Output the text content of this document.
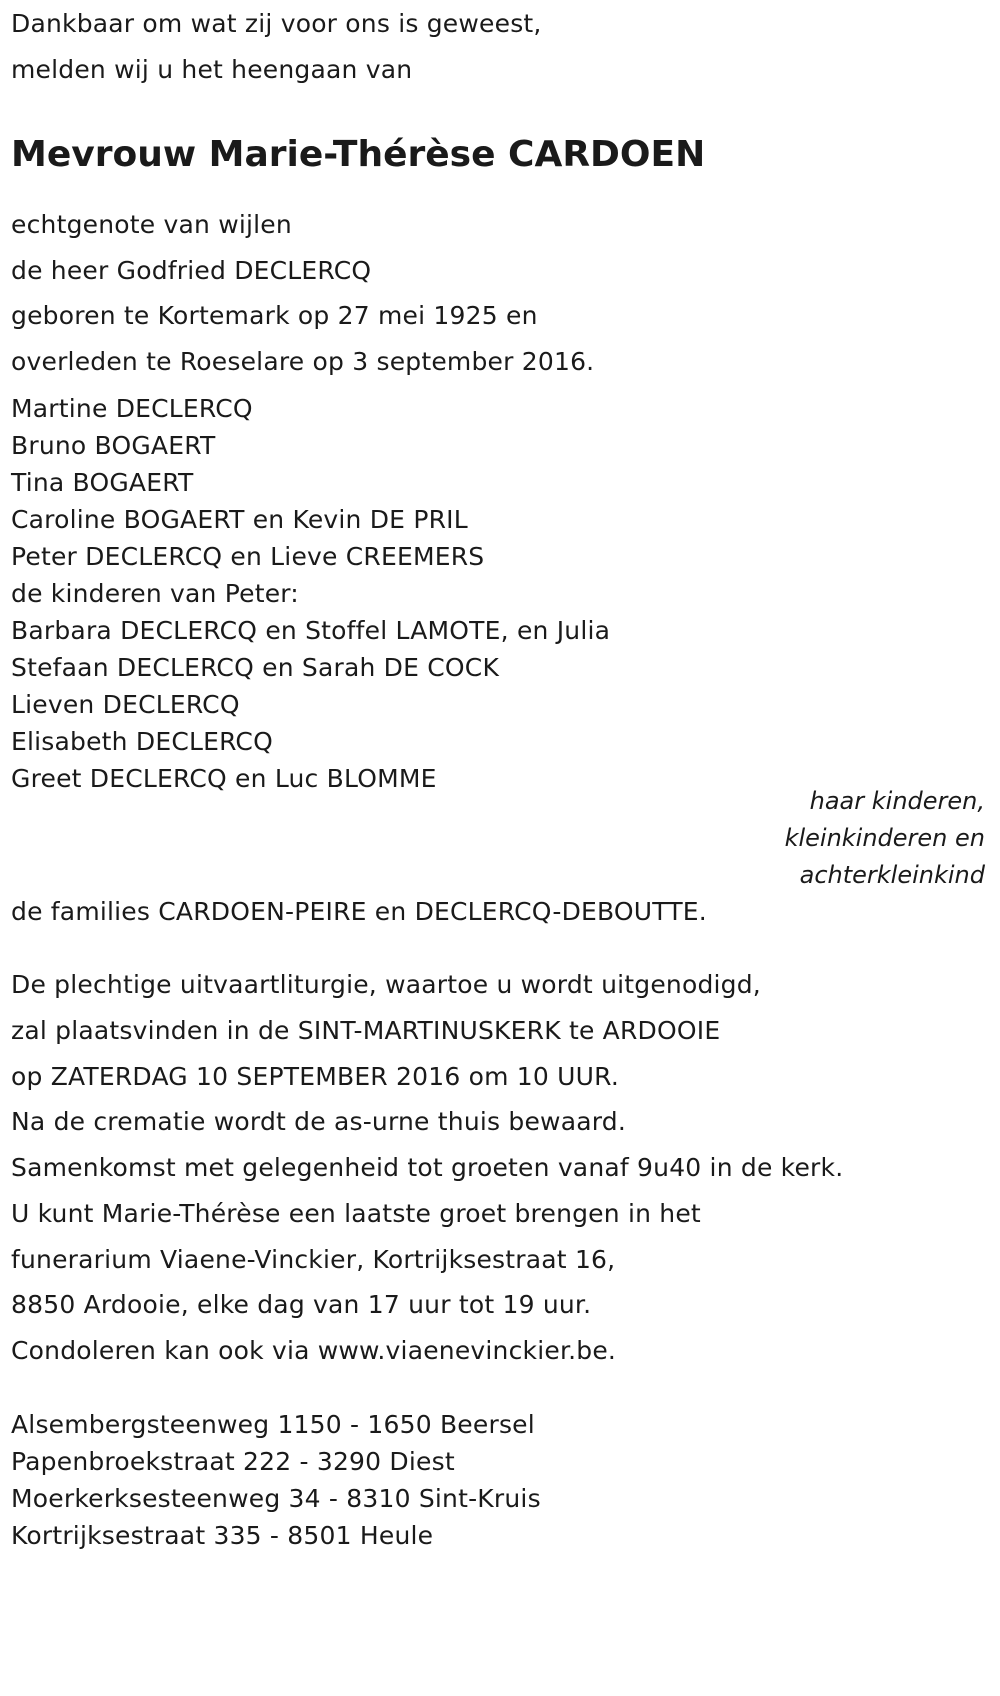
Dankbaar om wat zij voor ons is geweest,
melden wij u het heengaan van
Mevrouw Marie-Thérèse CARDOEN
echtgenote van wijlen
de heer Godfried DECLERCQ
geboren te Kortemark op 27 mei 1925 en
overleden te Roeselare op 3 september 2016.
Martine DECLERCQ
Bruno BOGAERT
Tina BOGAERT
Caroline BOGAERT en Kevin DE PRIL
Peter DECLERCQ en Lieve CREEMERS
de kinderen van Peter:
Barbara DECLERCQ en Stoffel LAMOTE, en Julia
Stefaan DECLERCQ en Sarah DE COCK
Lieven DECLERCQ
Elisabeth DECLERCQ
Greet DECLERCQ en Luc BLOMME
haar kinderen,
kleinkinderen en
achterkleinkind
de families CARDOEN-PEIRE en DECLERCQ-DEBOUTTE.
De plechtige uitvaartliturgie, waartoe u wordt uitgenodigd,
zal plaatsvinden in de SINT-MARTINUSKERK te ARDOOIE
op ZATERDAG 10 SEPTEMBER 2016 om 10 UUR.
Na de crematie wordt de as-urne thuis bewaard.
Samenkomst met gelegenheid tot groeten vanaf 9u40 in de kerk.
U kunt Marie-Thérèse een laatste groet brengen in het
funerarium Viaene-Vinckier, Kortrijksestraat 16,
8850 Ardooie, elke dag van 17 uur tot 19 uur.
Condoleren kan ook via www.viaenevinckier.be.
Alsembergsteenweg 1150 - 1650 Beersel
Papenbroekstraat 222 - 3290 Diest
Moerkerksesteenweg 34 - 8310 Sint-Kruis
Kortrijksestraat 335 - 8501 Heule
